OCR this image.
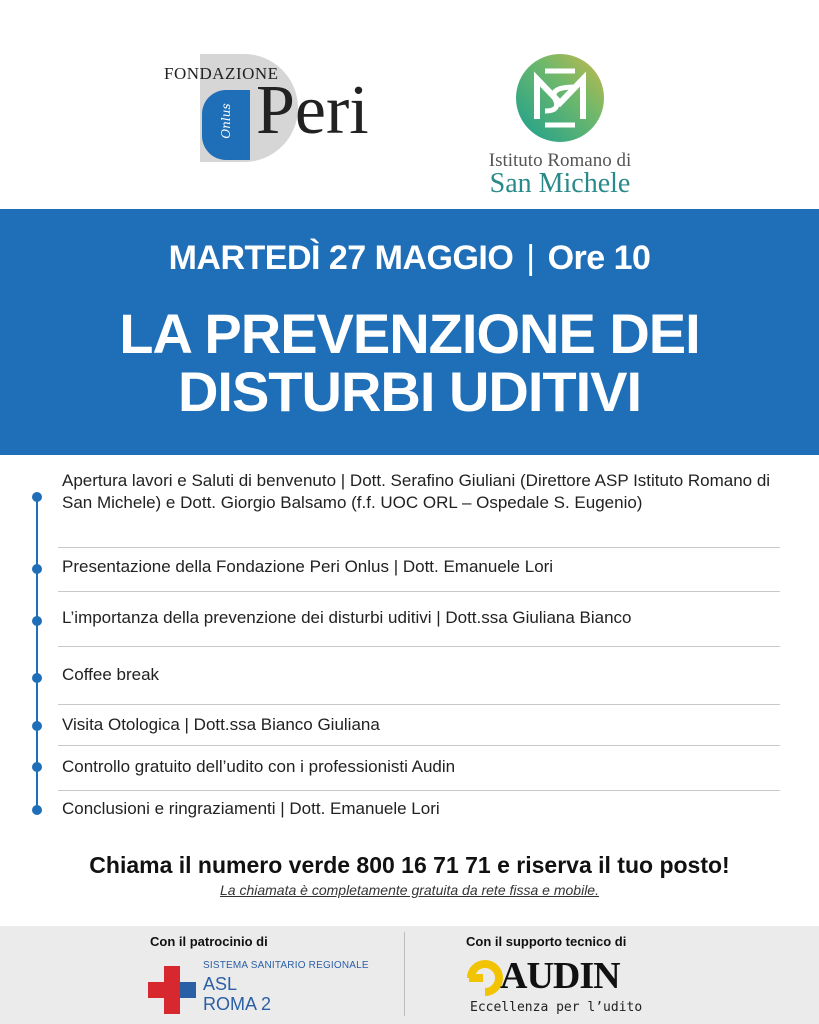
Onlus
FONDAZIONE
Peri
Istituto Romano di
San Michele
MARTEDÌ 27 MAGGIO | Ore 10
LA PREVENZIONE DEI
DISTURBI UDITIVI
Apertura lavori e Saluti di benvenuto | Dott. Serafino Giuliani (Direttore ASP Istituto Romano di San Michele) e Dott. Giorgio Balsamo (f.f. UOC ORL – Ospedale S. Eugenio)
Presentazione della Fondazione Peri Onlus | Dott. Emanuele Lori
L’importanza della prevenzione dei disturbi uditivi | Dott.ssa Giuliana Bianco
Coffee break
Visita Otologica | Dott.ssa Bianco Giuliana
Controllo gratuito dell’udito con i professionisti Audin
Conclusioni e ringraziamenti | Dott. Emanuele Lori
Chiama il numero verde 800 16 71 71 e riserva il tuo posto!
La chiamata è completamente gratuita da rete fissa e mobile.
Con il patrocinio di
SISTEMA SANITARIO REGIONALE
ASL
ROMA 2
Con il supporto tecnico di
AUDIN
Eccellenza per l’udito
